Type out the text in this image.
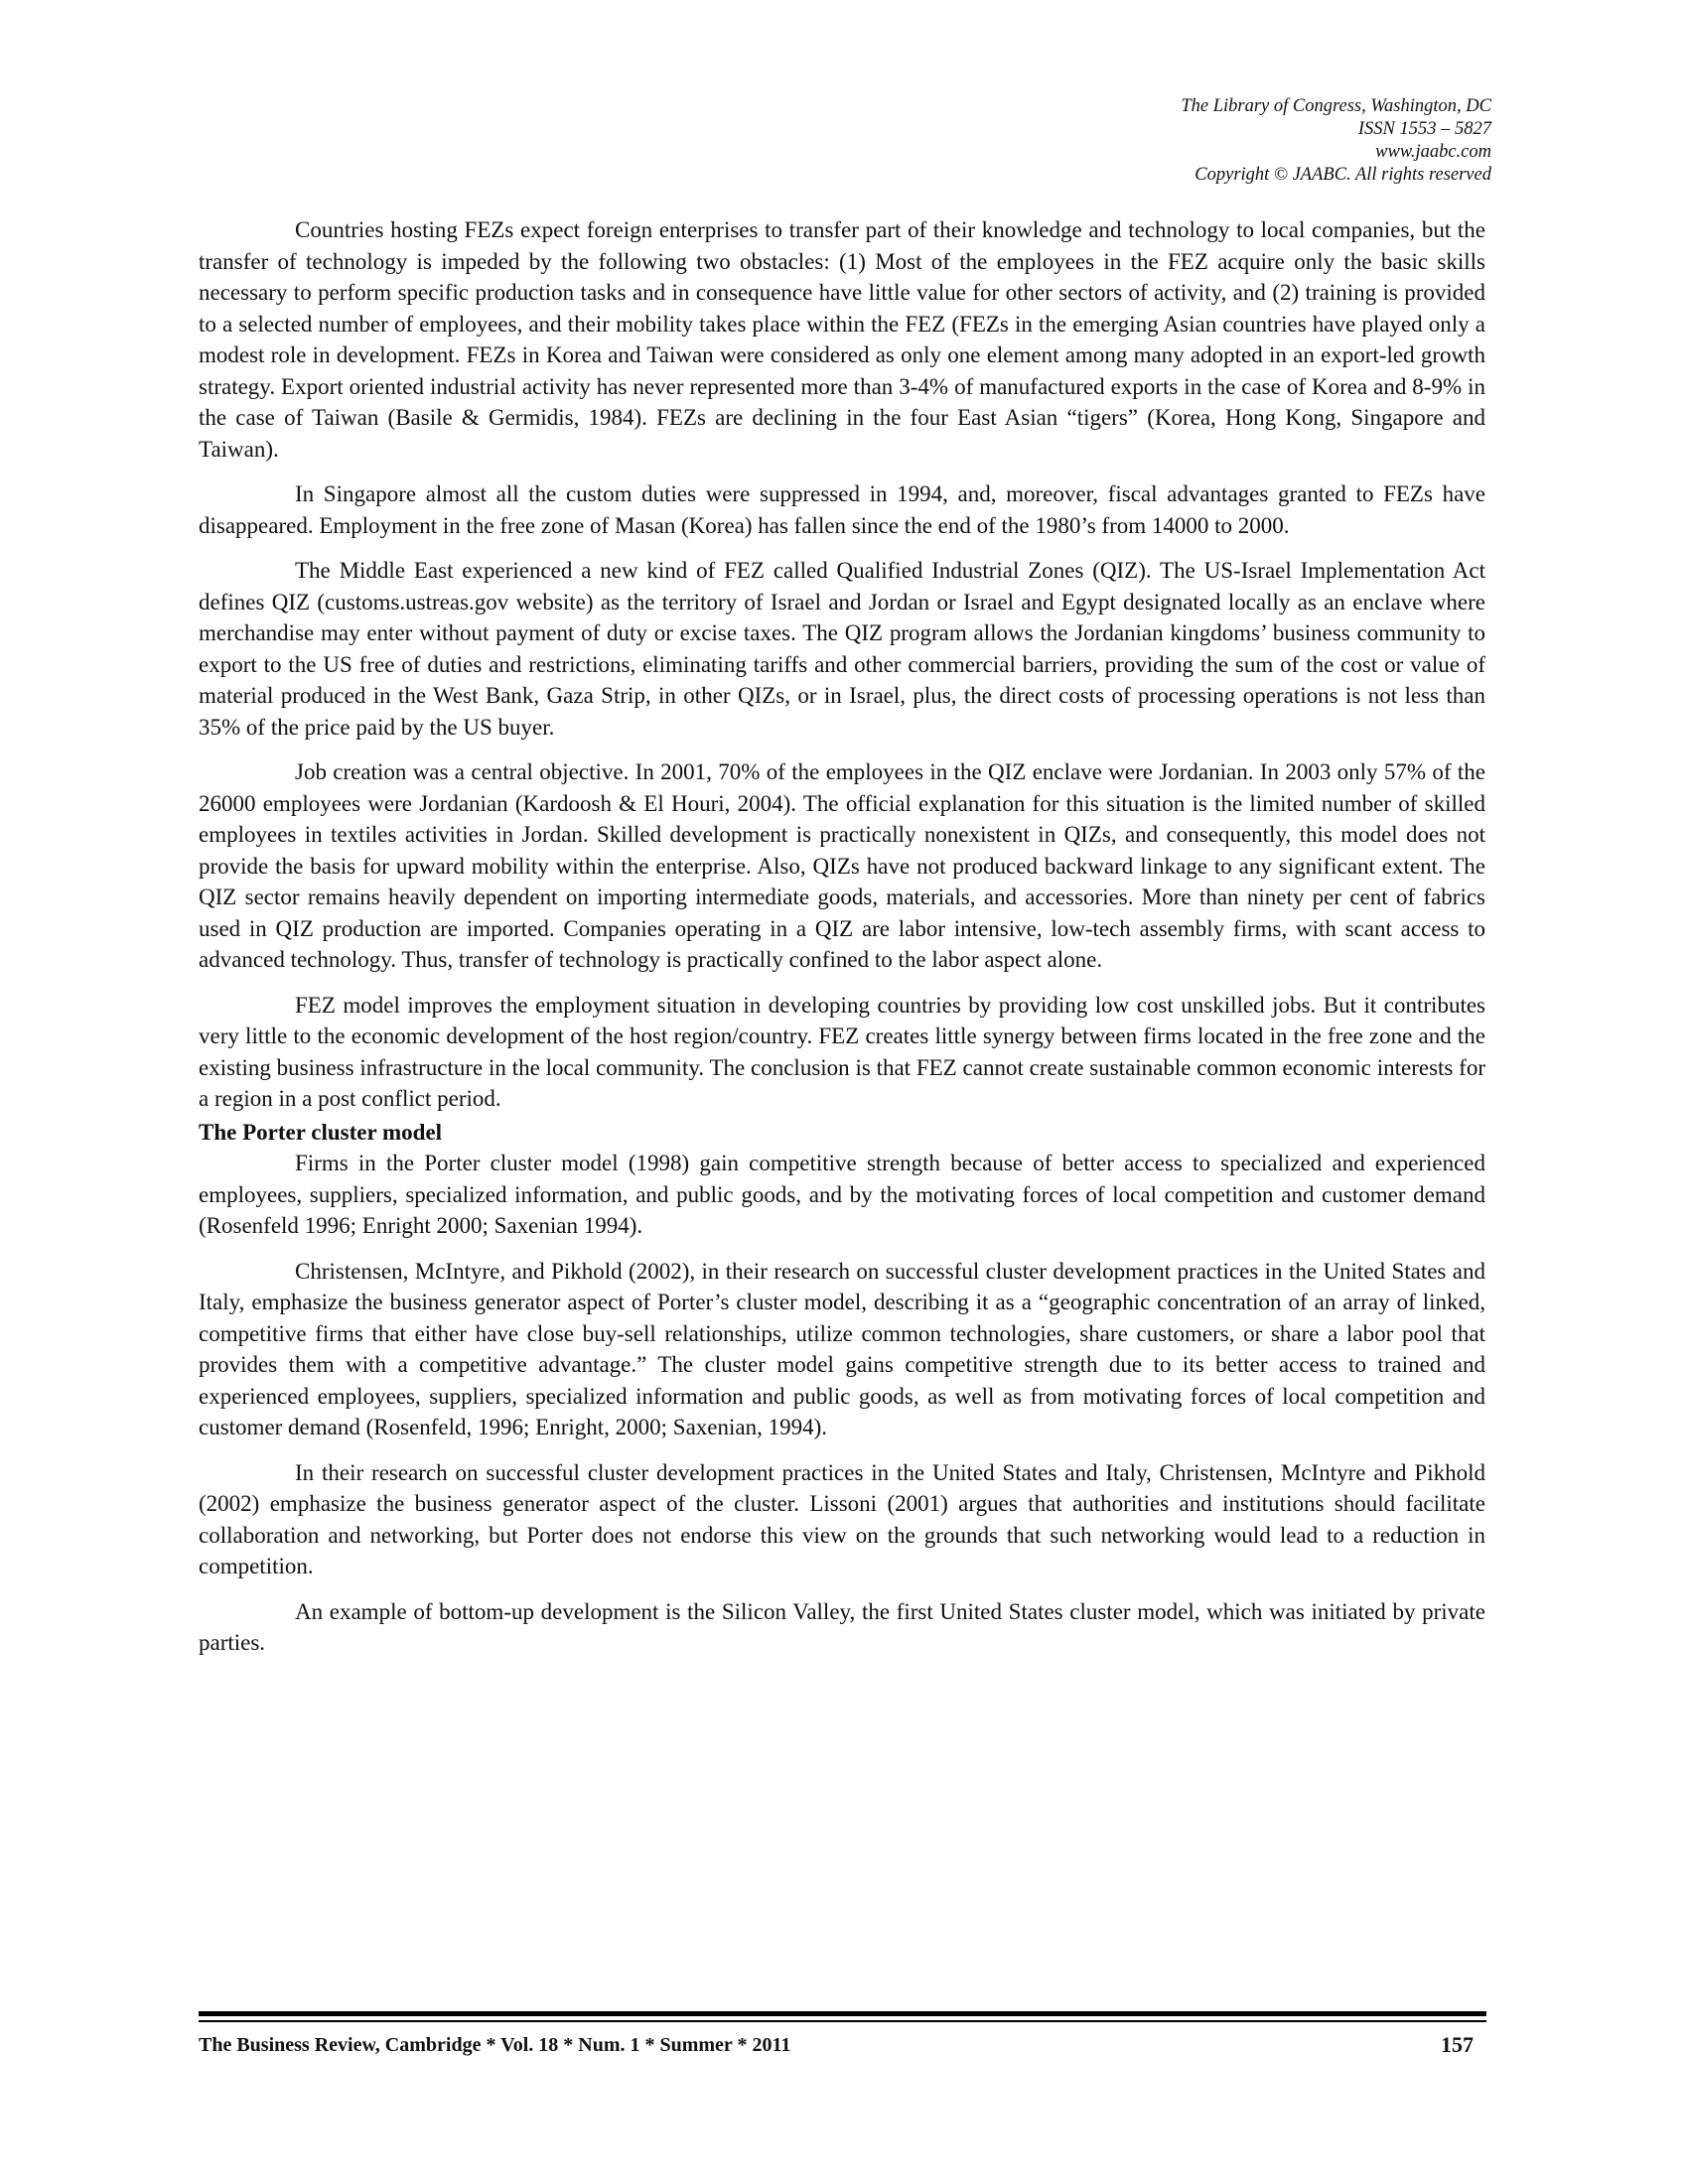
The Library of Congress, Washington, DC
ISSN 1553 – 5827
www.jaabc.com
Copyright © JAABC. All rights reserved

Countries hosting FEZs expect foreign enterprises to transfer part of their knowledge and technology to local companies, but the transfer of technology is impeded by the following two obstacles: (1) Most of the employees in the FEZ acquire only the basic skills necessary to perform specific production tasks and in consequence have little value for other sectors of activity, and (2) training is provided to a selected number of employees, and their mobility takes place within the FEZ (FEZs in the emerging Asian countries have played only a modest role in development. FEZs in Korea and Taiwan were considered as only one element among many adopted in an export-led growth strategy. Export oriented industrial activity has never represented more than 3-4% of manufactured exports in the case of Korea and 8-9% in the case of Taiwan (Basile & Germidis, 1984). FEZs are declining in the four East Asian “tigers” (Korea, Hong Kong, Singapore and Taiwan).

In Singapore almost all the custom duties were suppressed in 1994, and, moreover, fiscal advantages granted to FEZs have disappeared. Employment in the free zone of Masan (Korea) has fallen since the end of the 1980’s from 14000 to 2000.

The Middle East experienced a new kind of FEZ called Qualified Industrial Zones (QIZ). The US-Israel Implementation Act defines QIZ (customs.ustreas.gov website) as the territory of Israel and Jordan or Israel and Egypt designated locally as an enclave where merchandise may enter without payment of duty or excise taxes. The QIZ program allows the Jordanian kingdoms’ business community to export to the US free of duties and restrictions, eliminating tariffs and other commercial barriers, providing the sum of the cost or value of material produced in the West Bank, Gaza Strip, in other QIZs, or in Israel, plus, the direct costs of processing operations is not less than 35% of the price paid by the US buyer.

Job creation was a central objective. In 2001, 70% of the employees in the QIZ enclave were Jordanian. In 2003 only 57% of the 26000 employees were Jordanian (Kardoosh & El Houri, 2004). The official explanation for this situation is the limited number of skilled employees in textiles activities in Jordan. Skilled development is practically nonexistent in QIZs, and consequently, this model does not provide the basis for upward mobility within the enterprise. Also, QIZs have not produced backward linkage to any significant extent. The QIZ sector remains heavily dependent on importing intermediate goods, materials, and accessories. More than ninety per cent of fabrics used in QIZ production are imported. Companies operating in a QIZ are labor intensive, low-tech assembly firms, with scant access to advanced technology. Thus, transfer of technology is practically confined to the labor aspect alone.

FEZ model improves the employment situation in developing countries by providing low cost unskilled jobs. But it contributes very little to the economic development of the host region/country. FEZ creates little synergy between firms located in the free zone and the existing business infrastructure in the local community. The conclusion is that FEZ cannot create sustainable common economic interests for a region in a post conflict period.

The Porter cluster model

Firms in the Porter cluster model (1998) gain competitive strength because of better access to specialized and experienced employees, suppliers, specialized information, and public goods, and by the motivating forces of local competition and customer demand (Rosenfeld 1996; Enright 2000; Saxenian 1994).

Christensen, McIntyre, and Pikhold (2002), in their research on successful cluster development practices in the United States and Italy, emphasize the business generator aspect of Porter’s cluster model, describing it as a “geographic concentration of an array of linked, competitive firms that either have close buy-sell relationships, utilize common technologies, share customers, or share a labor pool that provides them with a competitive advantage.” The cluster model gains competitive strength due to its better access to trained and experienced employees, suppliers, specialized information and public goods, as well as from motivating forces of local competition and customer demand (Rosenfeld, 1996; Enright, 2000; Saxenian, 1994).

In their research on successful cluster development practices in the United States and Italy, Christensen, McIntyre and Pikhold (2002) emphasize the business generator aspect of the cluster. Lissoni (2001) argues that authorities and institutions should facilitate collaboration and networking, but Porter does not endorse this view on the grounds that such networking would lead to a reduction in competition.

An example of bottom-up development is the Silicon Valley, the first United States cluster model, which was initiated by private parties.

The Business Review, Cambridge * Vol. 18 * Num. 1 * Summer * 2011	157
